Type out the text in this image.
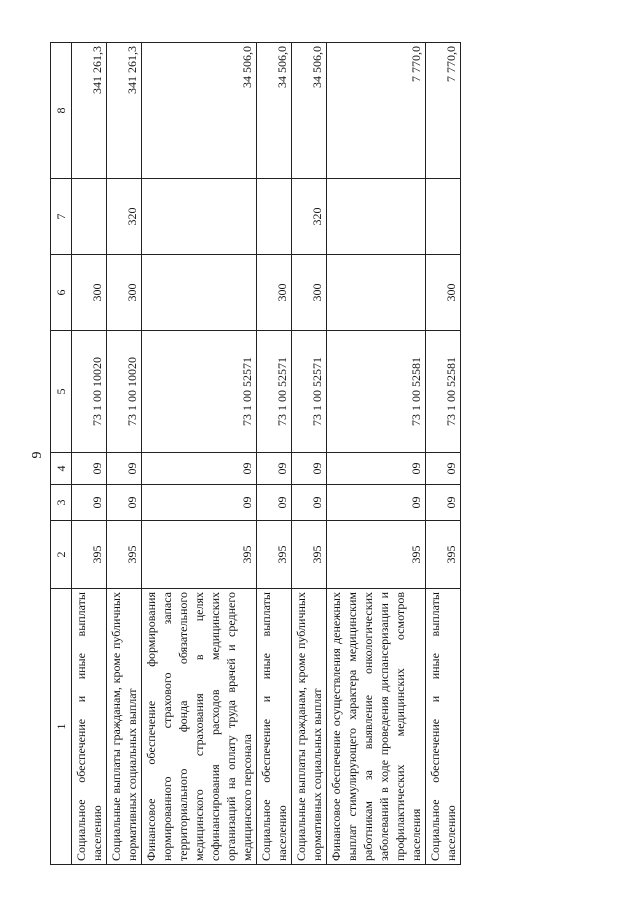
9
1	2	3	4	5	6	7	8
Социальное обеспечение и иные выплаты населению	395	09	09	73 1 00 10020	300		341 261,3
Социальные выплаты гражданам, кроме публичных нормативных социальных выплат	395	09	09	73 1 00 10020	300	320	341 261,3
Финансовое обеспечение формирования нормированного страхового запаса территориального фонда обязательного медицинского страхования в целях софинансирования расходов медицинских организаций на оплату труда врачей и среднего медицинского персонала	395	09	09	73 1 00 52571			34 506,0
Социальное обеспечение и иные выплаты населению	395	09	09	73 1 00 52571	300		34 506,0
Социальные выплаты гражданам, кроме публичных нормативных социальных выплат	395	09	09	73 1 00 52571	300	320	34 506,0
Финансовое обеспечение осуществления денежных выплат стимулирующего характера медицинским работникам за выявление онкологических заболеваний в ходе проведения диспансеризации и профилактических медицинских осмотров населения	395	09	09	73 1 00 52581			7 770,0
Социальное обеспечение и иные выплаты населению	395	09	09	73 1 00 52581	300		7 770,0
